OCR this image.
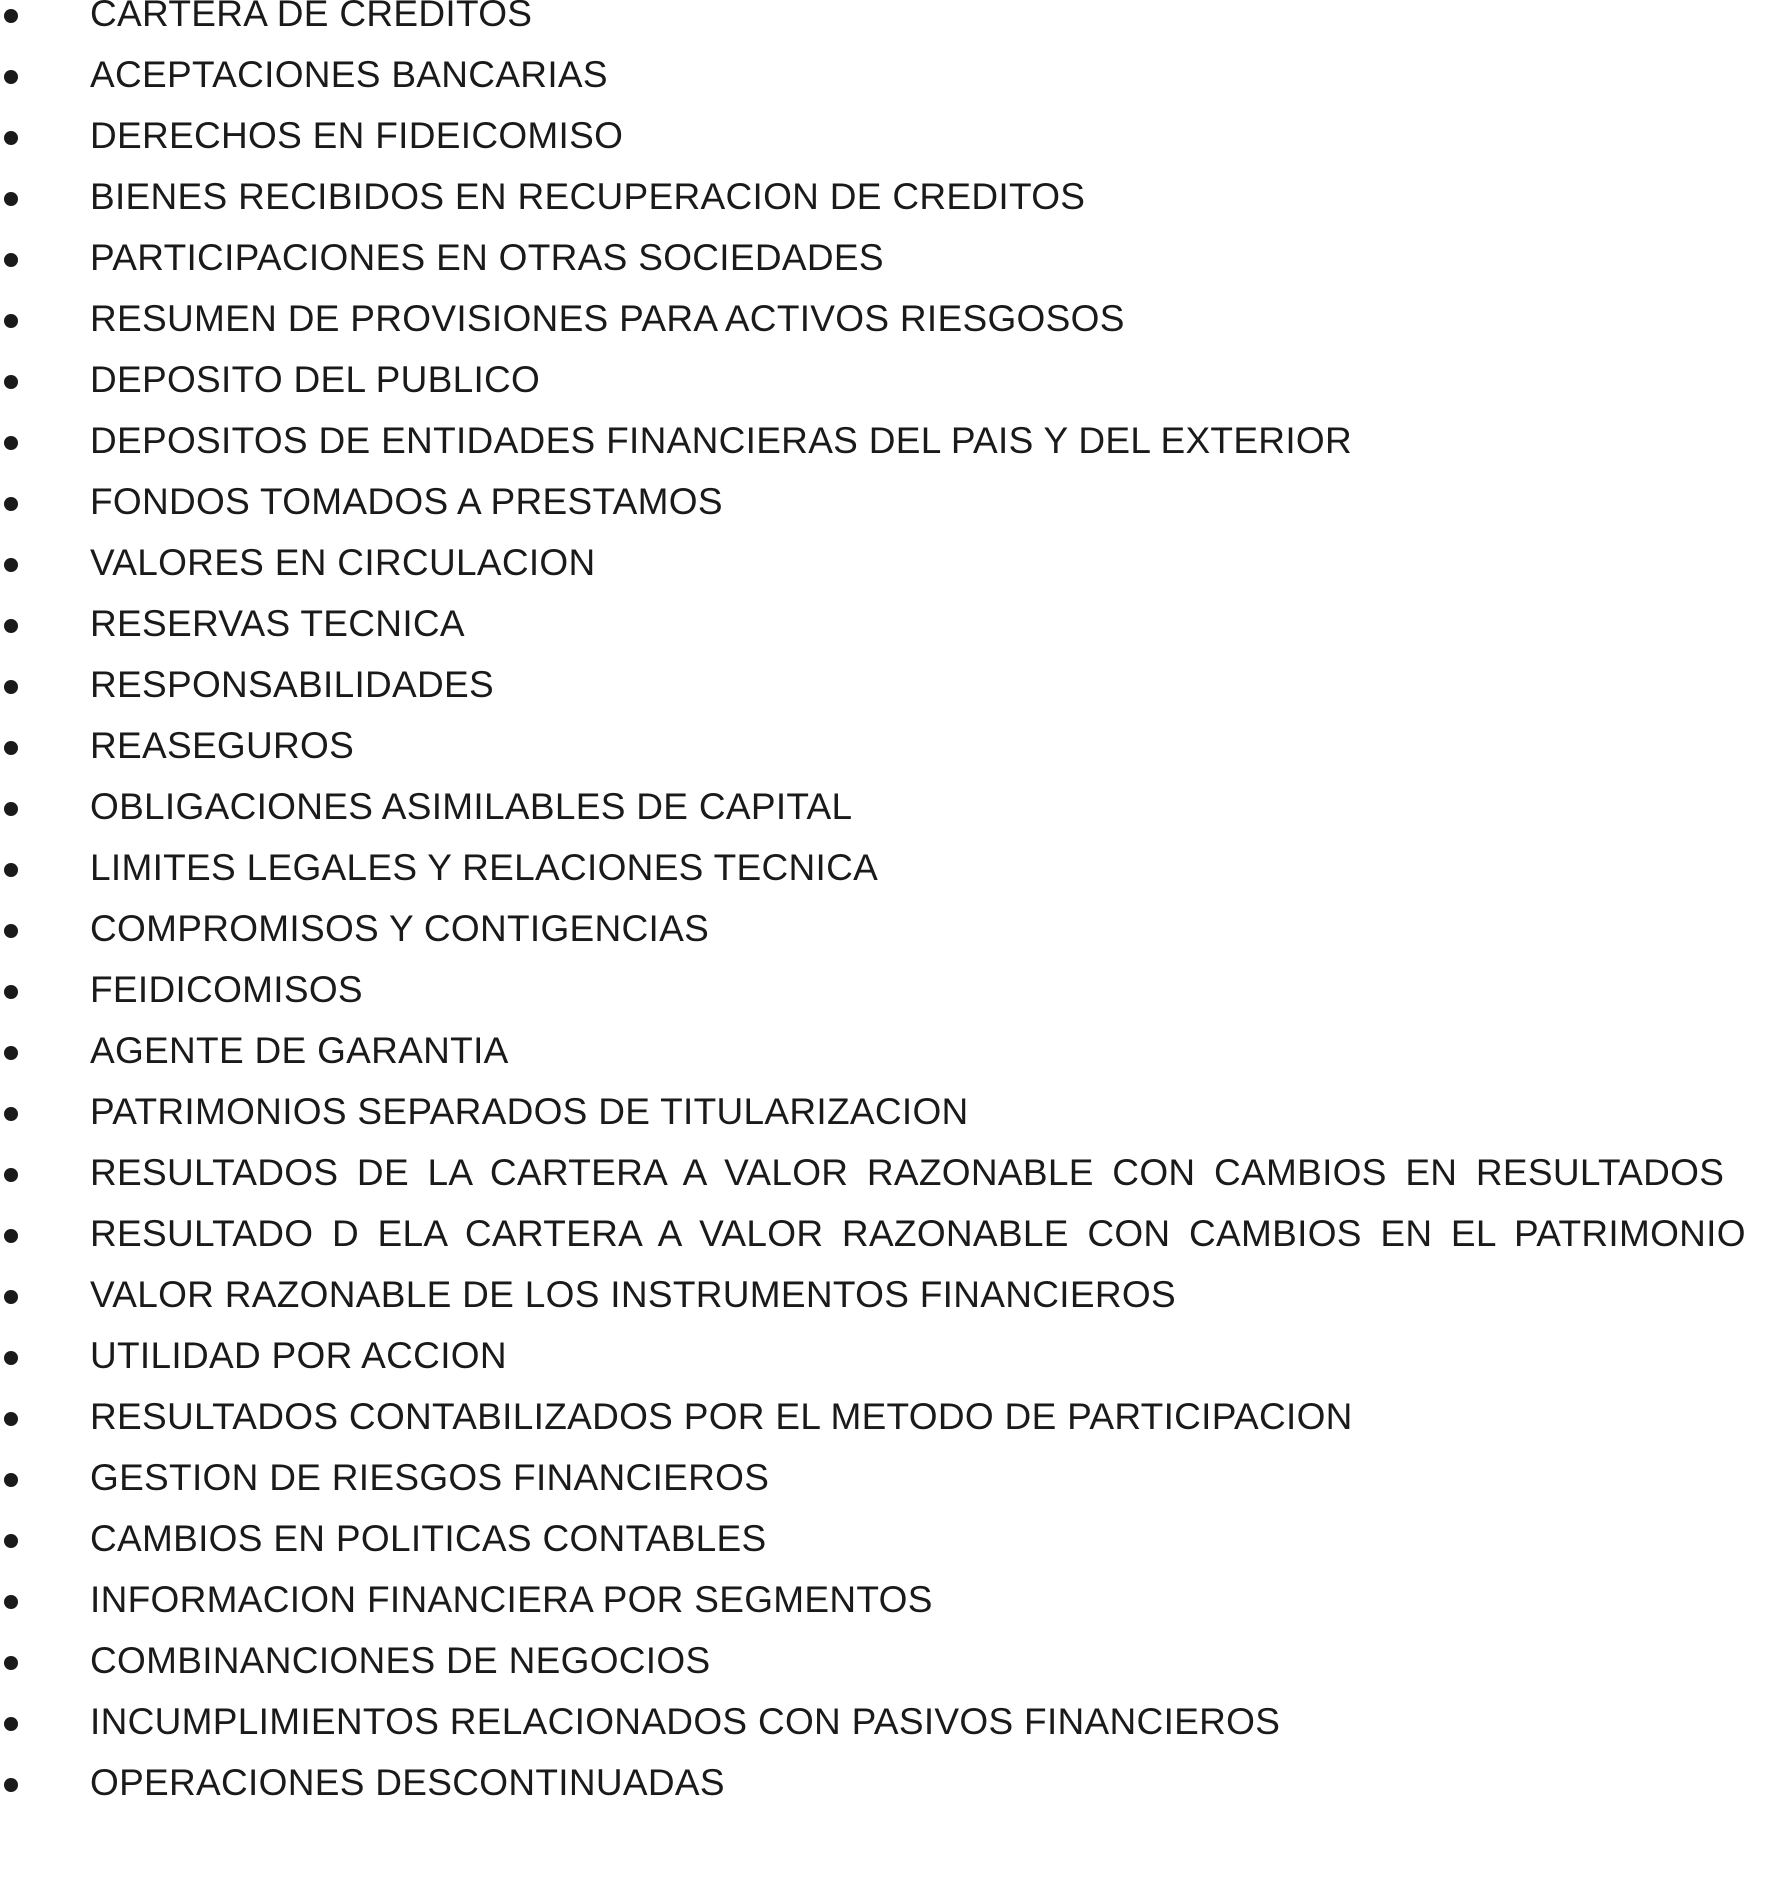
CARTERA DE CREDITOS
ACEPTACIONES BANCARIAS
DERECHOS EN FIDEICOMISO
BIENES RECIBIDOS EN RECUPERACION DE CREDITOS
PARTICIPACIONES EN OTRAS SOCIEDADES
RESUMEN DE PROVISIONES PARA ACTIVOS RIESGOSOS
DEPOSITO DEL PUBLICO
DEPOSITOS DE ENTIDADES FINANCIERAS DEL PAIS Y DEL EXTERIOR
FONDOS TOMADOS A PRESTAMOS
VALORES EN CIRCULACION
RESERVAS TECNICA
RESPONSABILIDADES
REASEGUROS
OBLIGACIONES ASIMILABLES DE CAPITAL
LIMITES LEGALES Y RELACIONES TECNICA
COMPROMISOS Y CONTIGENCIAS
FEIDICOMISOS
AGENTE DE GARANTIA
PATRIMONIOS SEPARADOS DE TITULARIZACION
RESULTADOS DE LA CARTERA A VALOR RAZONABLE CON CAMBIOS EN RESULTADOS
RESULTADO D ELA CARTERA A VALOR RAZONABLE CON CAMBIOS EN EL PATRIMONIO
VALOR RAZONABLE DE LOS INSTRUMENTOS FINANCIEROS
UTILIDAD POR ACCION
RESULTADOS CONTABILIZADOS POR EL METODO DE PARTICIPACION
GESTION DE RIESGOS FINANCIEROS
CAMBIOS EN POLITICAS CONTABLES
INFORMACION FINANCIERA POR SEGMENTOS
COMBINANCIONES DE NEGOCIOS
INCUMPLIMIENTOS RELACIONADOS CON PASIVOS FINANCIEROS
OPERACIONES DESCONTINUADAS
